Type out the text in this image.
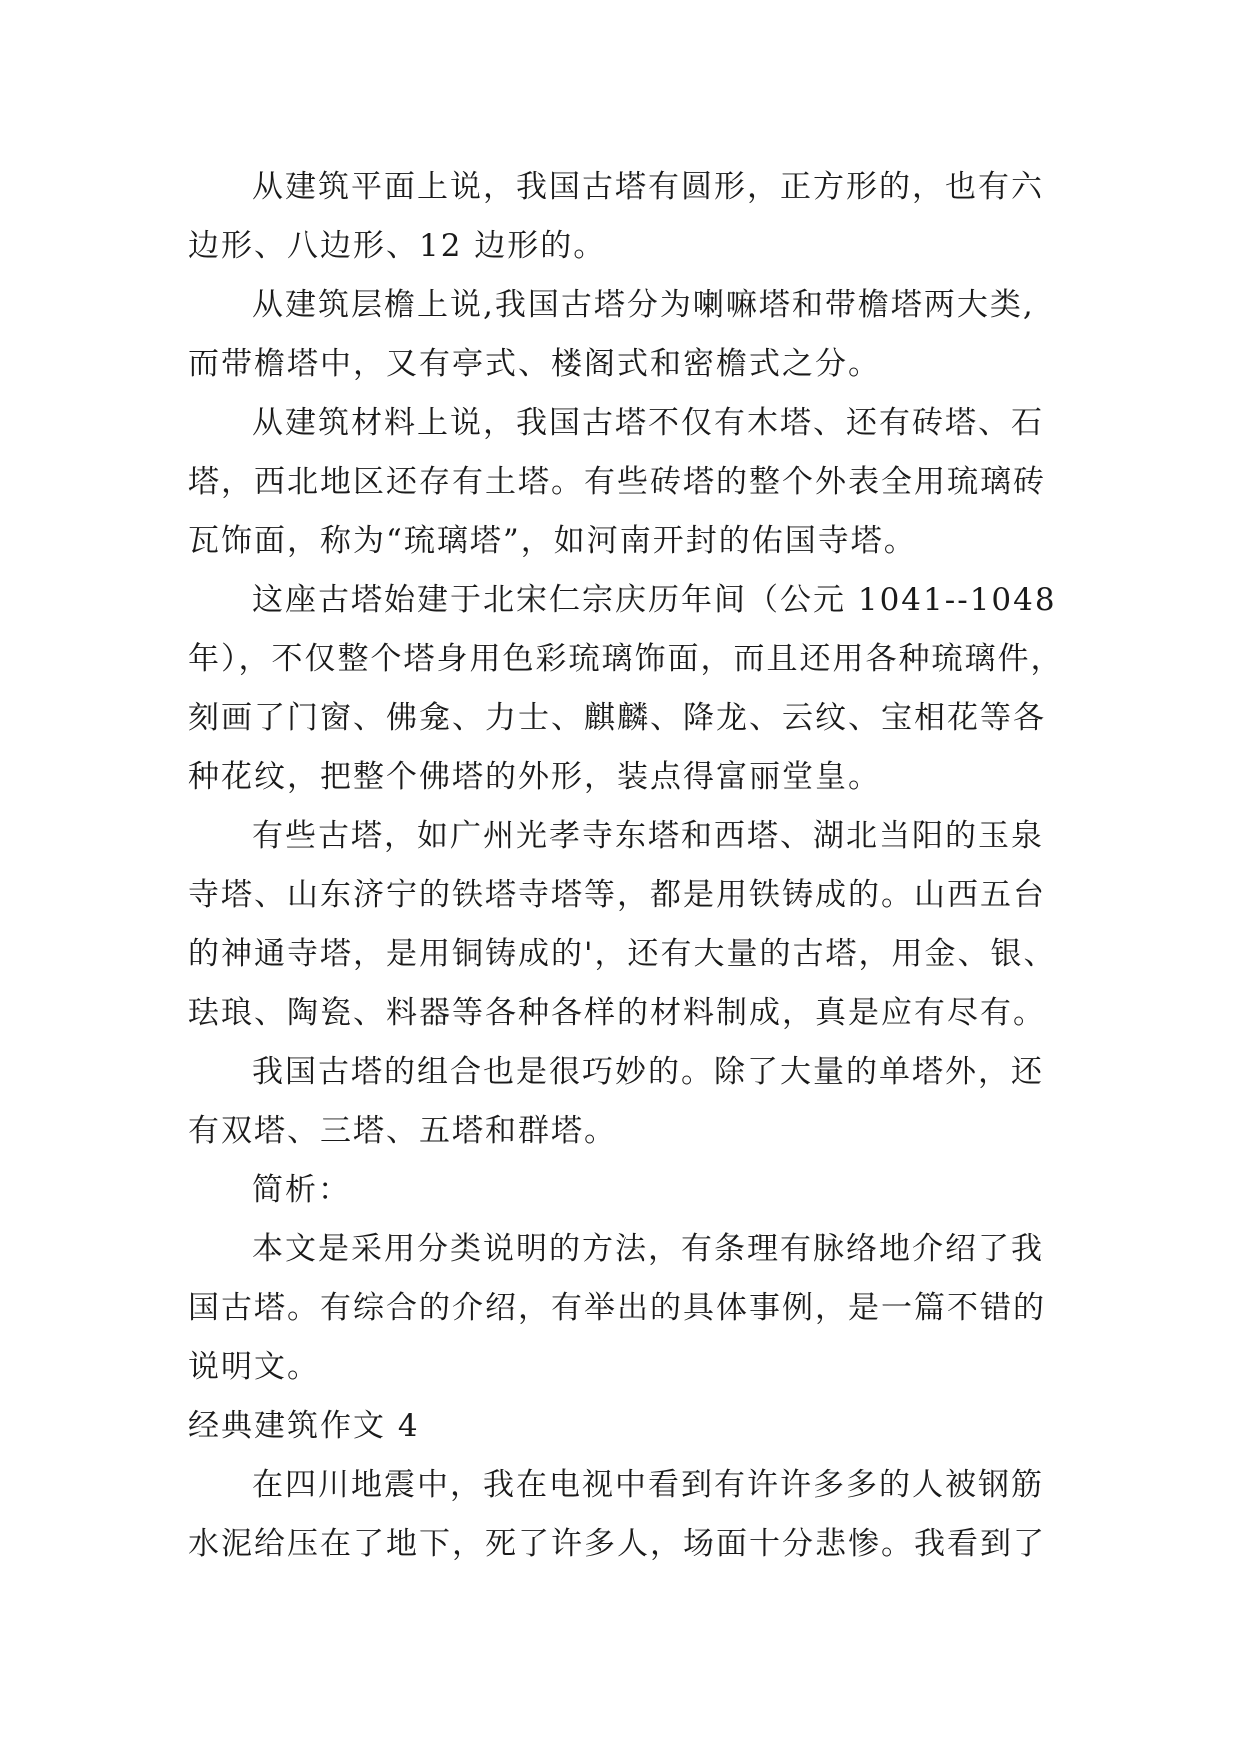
从建筑平面上说，我国古塔有圆形，正方形的，也有六
边形、八边形、12 边形的。
从建筑层檐上说,我国古塔分为喇嘛塔和带檐塔两大类,
而带檐塔中，又有亭式、楼阁式和密檐式之分。
从建筑材料上说，我国古塔不仅有木塔、还有砖塔、石
塔，西北地区还存有土塔。有些砖塔的整个外表全用琉璃砖
瓦饰面，称为“琉璃塔”，如河南开封的佑国寺塔。
这座古塔始建于北宋仁宗庆历年间（公元 1041--1048
年），不仅整个塔身用色彩琉璃饰面，而且还用各种琉璃件，
刻画了门窗、佛龛、力士、麒麟、降龙、云纹、宝相花等各
种花纹，把整个佛塔的外形，装点得富丽堂皇。
有些古塔，如广州光孝寺东塔和西塔、湖北当阳的玉泉
寺塔、山东济宁的铁塔寺塔等，都是用铁铸成的。山西五台
的神通寺塔，是用铜铸成的'，还有大量的古塔，用金、银、
珐琅、陶瓷、料器等各种各样的材料制成，真是应有尽有。
我国古塔的组合也是很巧妙的。除了大量的单塔外，还
有双塔、三塔、五塔和群塔。
简析：
本文是采用分类说明的方法，有条理有脉络地介绍了我
国古塔。有综合的介绍，有举出的具体事例，是一篇不错的
说明文。
经典建筑作文 4
在四川地震中，我在电视中看到有许许多多的人被钢筋
水泥给压在了地下，死了许多人，场面十分悲惨。我看到了
